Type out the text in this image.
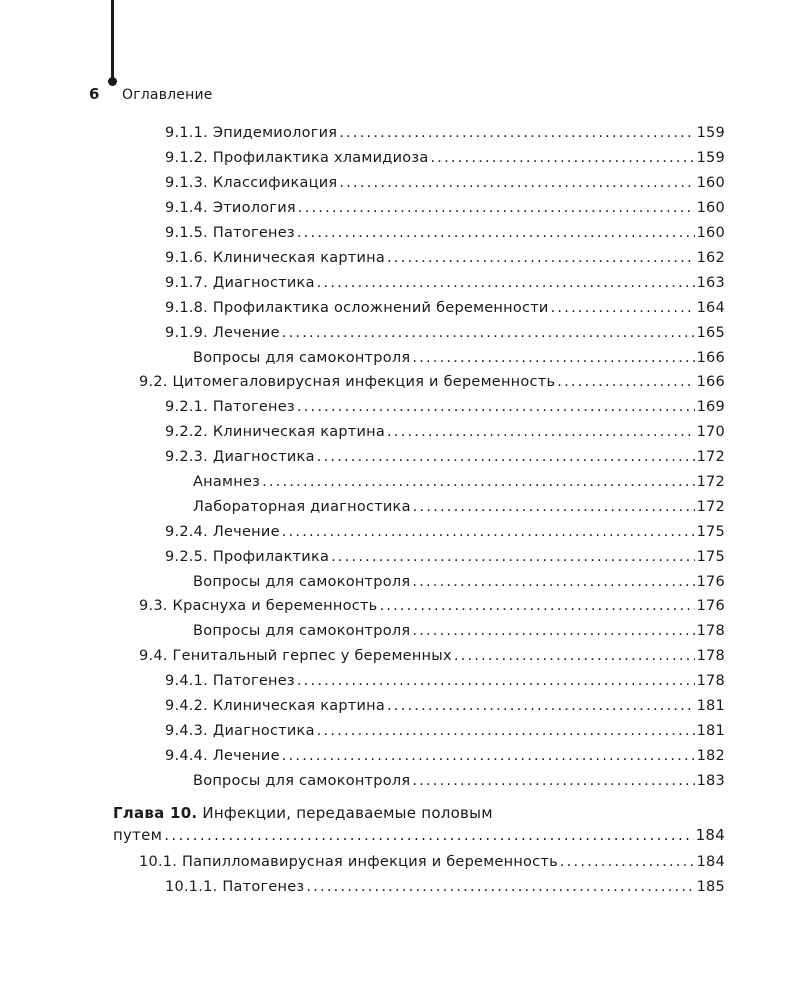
6 Оглавление
9.1.1. Эпидемиология . . .	159
9.1.2. Профилактика хламидиоза . . .	159
9.1.3. Классификация . . .	160
9.1.4. Этиология . . .	160
9.1.5. Патогенез . . .	160
9.1.6. Клиническая картина . . .	162
9.1.7. Диагностика . . .	163
9.1.8. Профилактика осложнений беременности . . .	164
9.1.9. Лечение . . .	165
Вопросы для самоконтроля . . .	166
9.2. Цитомегаловирусная инфекция и беременность . . .	166
9.2.1. Патогенез . . .	169
9.2.2. Клиническая картина . . .	170
9.2.3. Диагностика . . .	172
Анамнез . . .	172
Лабораторная диагностика . . .	172
9.2.4. Лечение . . .	175
9.2.5. Профилактика . . .	175
Вопросы для самоконтроля . . .	176
9.3. Краснуха и беременность . . .	176
Вопросы для самоконтроля . . .	178
9.4. Генитальный герпес у беременных . . .	178
9.4.1. Патогенез . . .	178
9.4.2. Клиническая картина . . .	181
9.4.3. Диагностика . . .	181
9.4.4. Лечение . . .	182
Вопросы для самоконтроля . . .	183
Глава 10. Инфекции, передаваемые половым
путем . . .	184
10.1. Папилломавирусная инфекция и беременность . . .	184
10.1.1. Патогенез . . .	185
